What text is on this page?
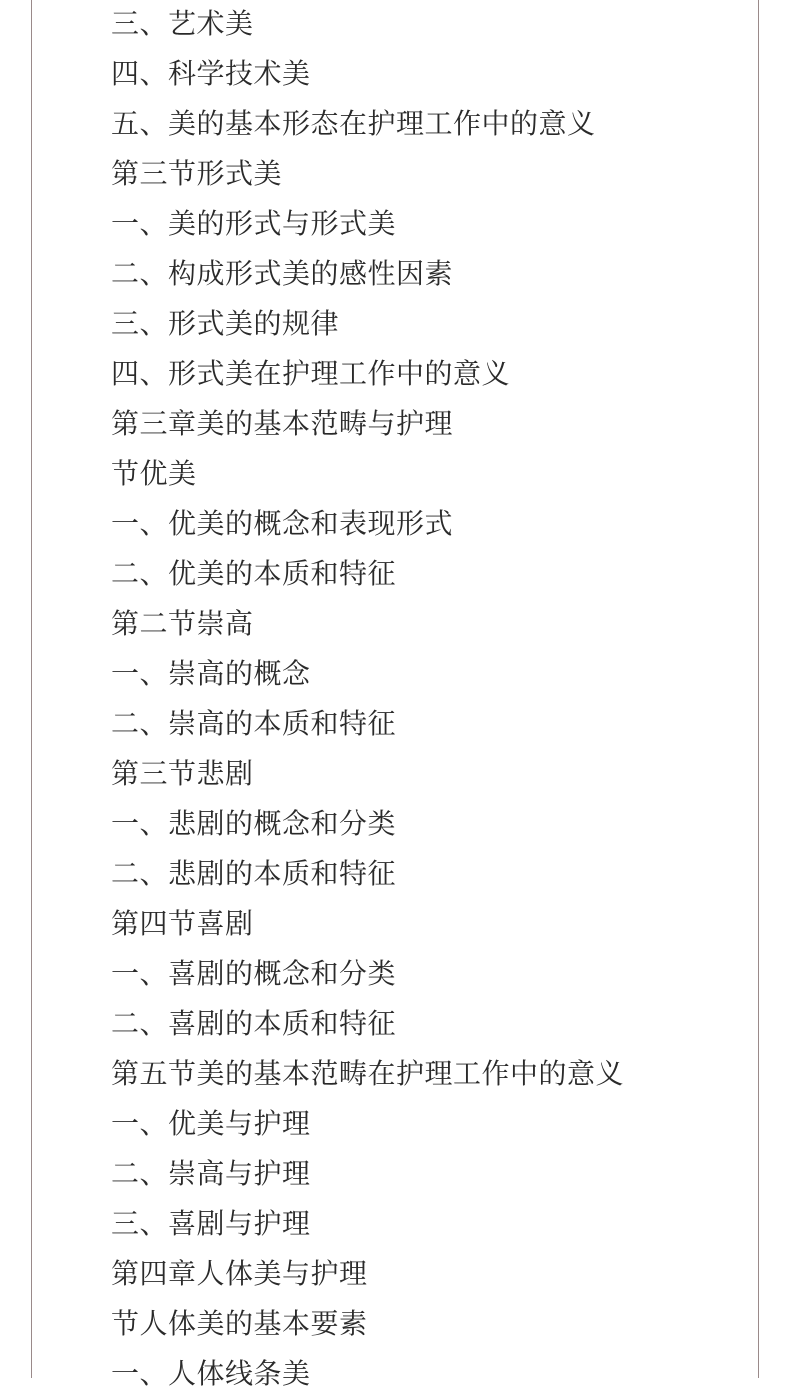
三、艺术美
四、科学技术美
五、美的基本形态在护理工作中的意义
第三节形式美
一、美的形式与形式美
二、构成形式美的感性因素
三、形式美的规律
四、形式美在护理工作中的意义
第三章美的基本范畴与护理
节优美
一、优美的概念和表现形式
二、优美的本质和特征
第二节崇高
一、崇高的概念
二、崇高的本质和特征
第三节悲剧
一、悲剧的概念和分类
二、悲剧的本质和特征
第四节喜剧
一、喜剧的概念和分类
二、喜剧的本质和特征
第五节美的基本范畴在护理工作中的意义
一、优美与护理
二、崇高与护理
三、喜剧与护理
第四章人体美与护理
节人体美的基本要素
一、人体线条美
